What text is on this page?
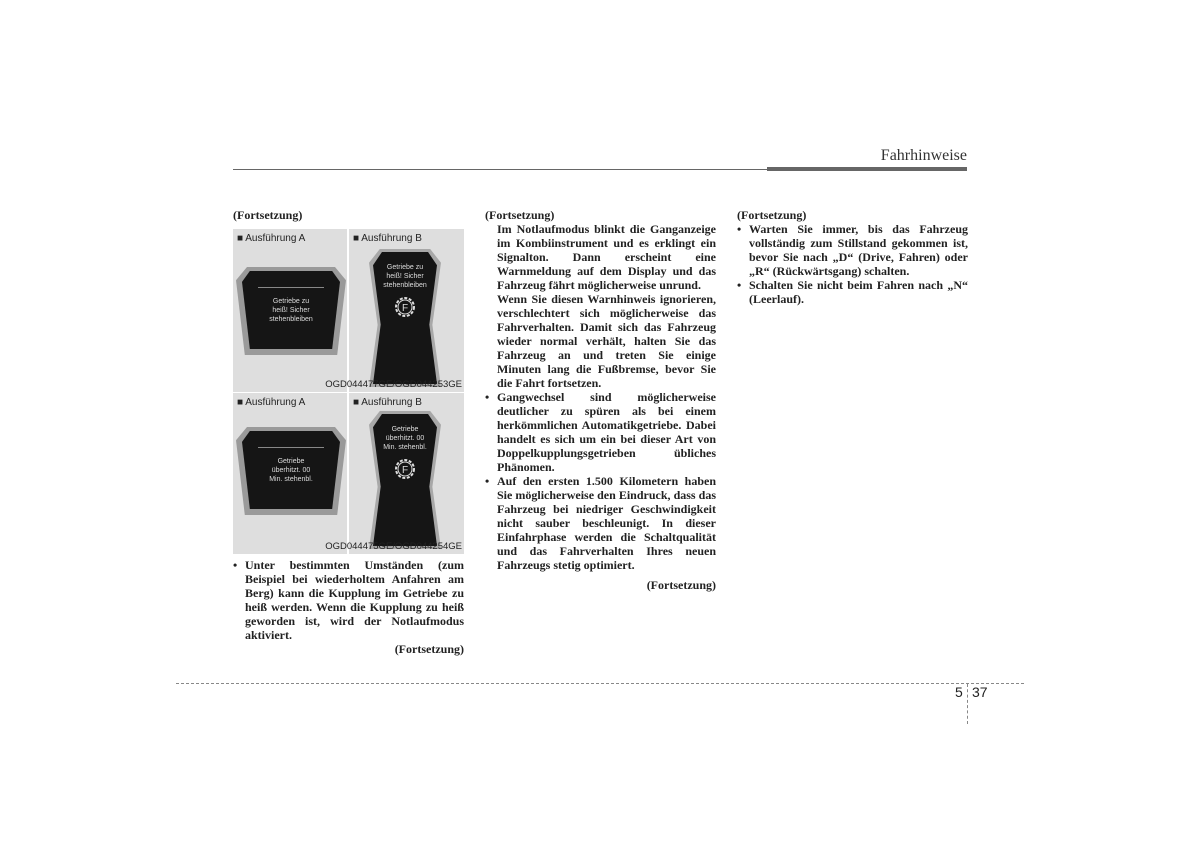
Fahrhinweise

(Fortsetzung)

■ Ausführung A
Getriebe zu heiß! Sicher stehenbleiben
■ Ausführung B
Getriebe zu heiß! Sicher stehenbleiben
F
OGD044477GE/OGD044253GE
■ Ausführung A
Getriebe überhitzt. 00 Min. stehenbl.
■ Ausführung B
Getriebe überhitzt. 00 Min. stehenbl.
F
OGD044475GE/OGD044254GE

• Unter bestimmten Umständen (zum Beispiel bei wiederholtem Anfahren am Berg) kann die Kupplung im Getriebe zu heiß werden. Wenn die Kupplung zu heiß geworden ist, wird der Notlaufmodus aktiviert.

(Fortsetzung)

(Fortsetzung)

Im Notlaufmodus blinkt die Ganganzeige im Kombiinstrument und es erklingt ein Signalton. Dann erscheint eine Warnmeldung auf dem Display und das Fahrzeug fährt möglicherweise unrund.

Wenn Sie diesen Warnhinweis ignorieren, verschlechtert sich möglicherweise das Fahrverhalten. Damit sich das Fahrzeug wieder normal verhält, halten Sie das Fahrzeug an und treten Sie einige Minuten lang die Fußbremse, bevor Sie die Fahrt fortsetzen.

• Gangwechsel sind möglicherweise deutlicher zu spüren als bei einem herkömmlichen Automatikgetriebe. Dabei handelt es sich um ein bei dieser Art von Doppelkupplungsgetrieben übliches Phänomen.

• Auf den ersten 1.500 Kilometern haben Sie möglicherweise den Eindruck, dass das Fahrzeug bei niedriger Geschwindigkeit nicht sauber beschleunigt. In dieser Einfahrphase werden die Schaltqualität und das Fahrverhalten Ihres neuen Fahrzeugs stetig optimiert.

(Fortsetzung)

(Fortsetzung)

• Warten Sie immer, bis das Fahrzeug vollständig zum Stillstand gekommen ist, bevor Sie nach „D“ (Drive, Fahren) oder „R“ (Rückwärtsgang) schalten.

• Schalten Sie nicht beim Fahren nach „N“ (Leerlauf).

5 37
